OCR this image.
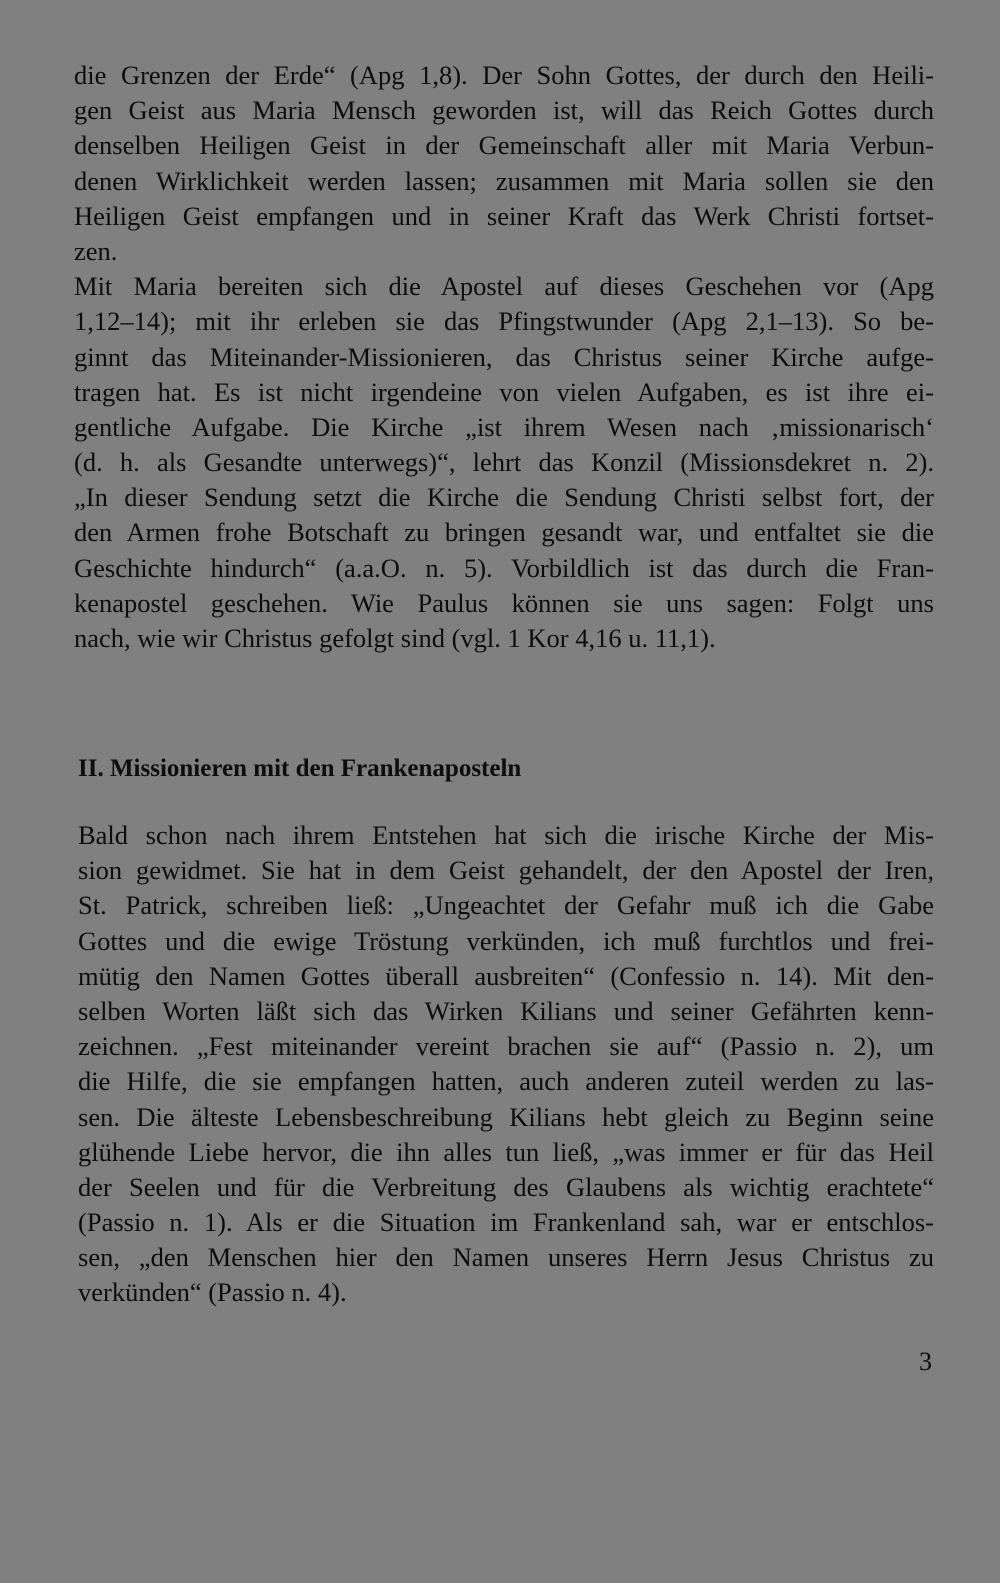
die Grenzen der Erde“ (Apg 1,8). Der Sohn Gottes, der durch den Heili-
gen Geist aus Maria Mensch geworden ist, will das Reich Gottes durch
denselben Heiligen Geist in der Gemeinschaft aller mit Maria Verbun-
denen Wirklichkeit werden lassen; zusammen mit Maria sollen sie den
Heiligen Geist empfangen und in seiner Kraft das Werk Christi fortset-
zen.
Mit Maria bereiten sich die Apostel auf dieses Geschehen vor (Apg
1,12–14); mit ihr erleben sie das Pfingstwunder (Apg 2,1–13). So be-
ginnt das Miteinander-Missionieren, das Christus seiner Kirche aufge-
tragen hat. Es ist nicht irgendeine von vielen Aufgaben, es ist ihre ei-
gentliche Aufgabe. Die Kirche „ist ihrem Wesen nach ‚missionarisch‘
(d. h. als Gesandte unterwegs)“, lehrt das Konzil (Missionsdekret n. 2).
„In dieser Sendung setzt die Kirche die Sendung Christi selbst fort, der
den Armen frohe Botschaft zu bringen gesandt war, und entfaltet sie die
Geschichte hindurch“ (a.a.O. n. 5). Vorbildlich ist das durch die Fran-
kenapostel geschehen. Wie Paulus können sie uns sagen: Folgt uns
nach, wie wir Christus gefolgt sind (vgl. 1 Kor 4,16 u. 11,1).
II. Missionieren mit den Frankenaposteln
Bald schon nach ihrem Entstehen hat sich die irische Kirche der Mis-
sion gewidmet. Sie hat in dem Geist gehandelt, der den Apostel der Iren,
St. Patrick, schreiben ließ: „Ungeachtet der Gefahr muß ich die Gabe
Gottes und die ewige Tröstung verkünden, ich muß furchtlos und frei-
mütig den Namen Gottes überall ausbreiten“ (Confessio n. 14). Mit den-
selben Worten läßt sich das Wirken Kilians und seiner Gefährten kenn-
zeichnen. „Fest miteinander vereint brachen sie auf“ (Passio n. 2), um
die Hilfe, die sie empfangen hatten, auch anderen zuteil werden zu las-
sen. Die älteste Lebensbeschreibung Kilians hebt gleich zu Beginn seine
glühende Liebe hervor, die ihn alles tun ließ, „was immer er für das Heil
der Seelen und für die Verbreitung des Glaubens als wichtig erachtete“
(Passio n. 1). Als er die Situation im Frankenland sah, war er entschlos-
sen, „den Menschen hier den Namen unseres Herrn Jesus Christus zu
verkünden“ (Passio n. 4).
3
